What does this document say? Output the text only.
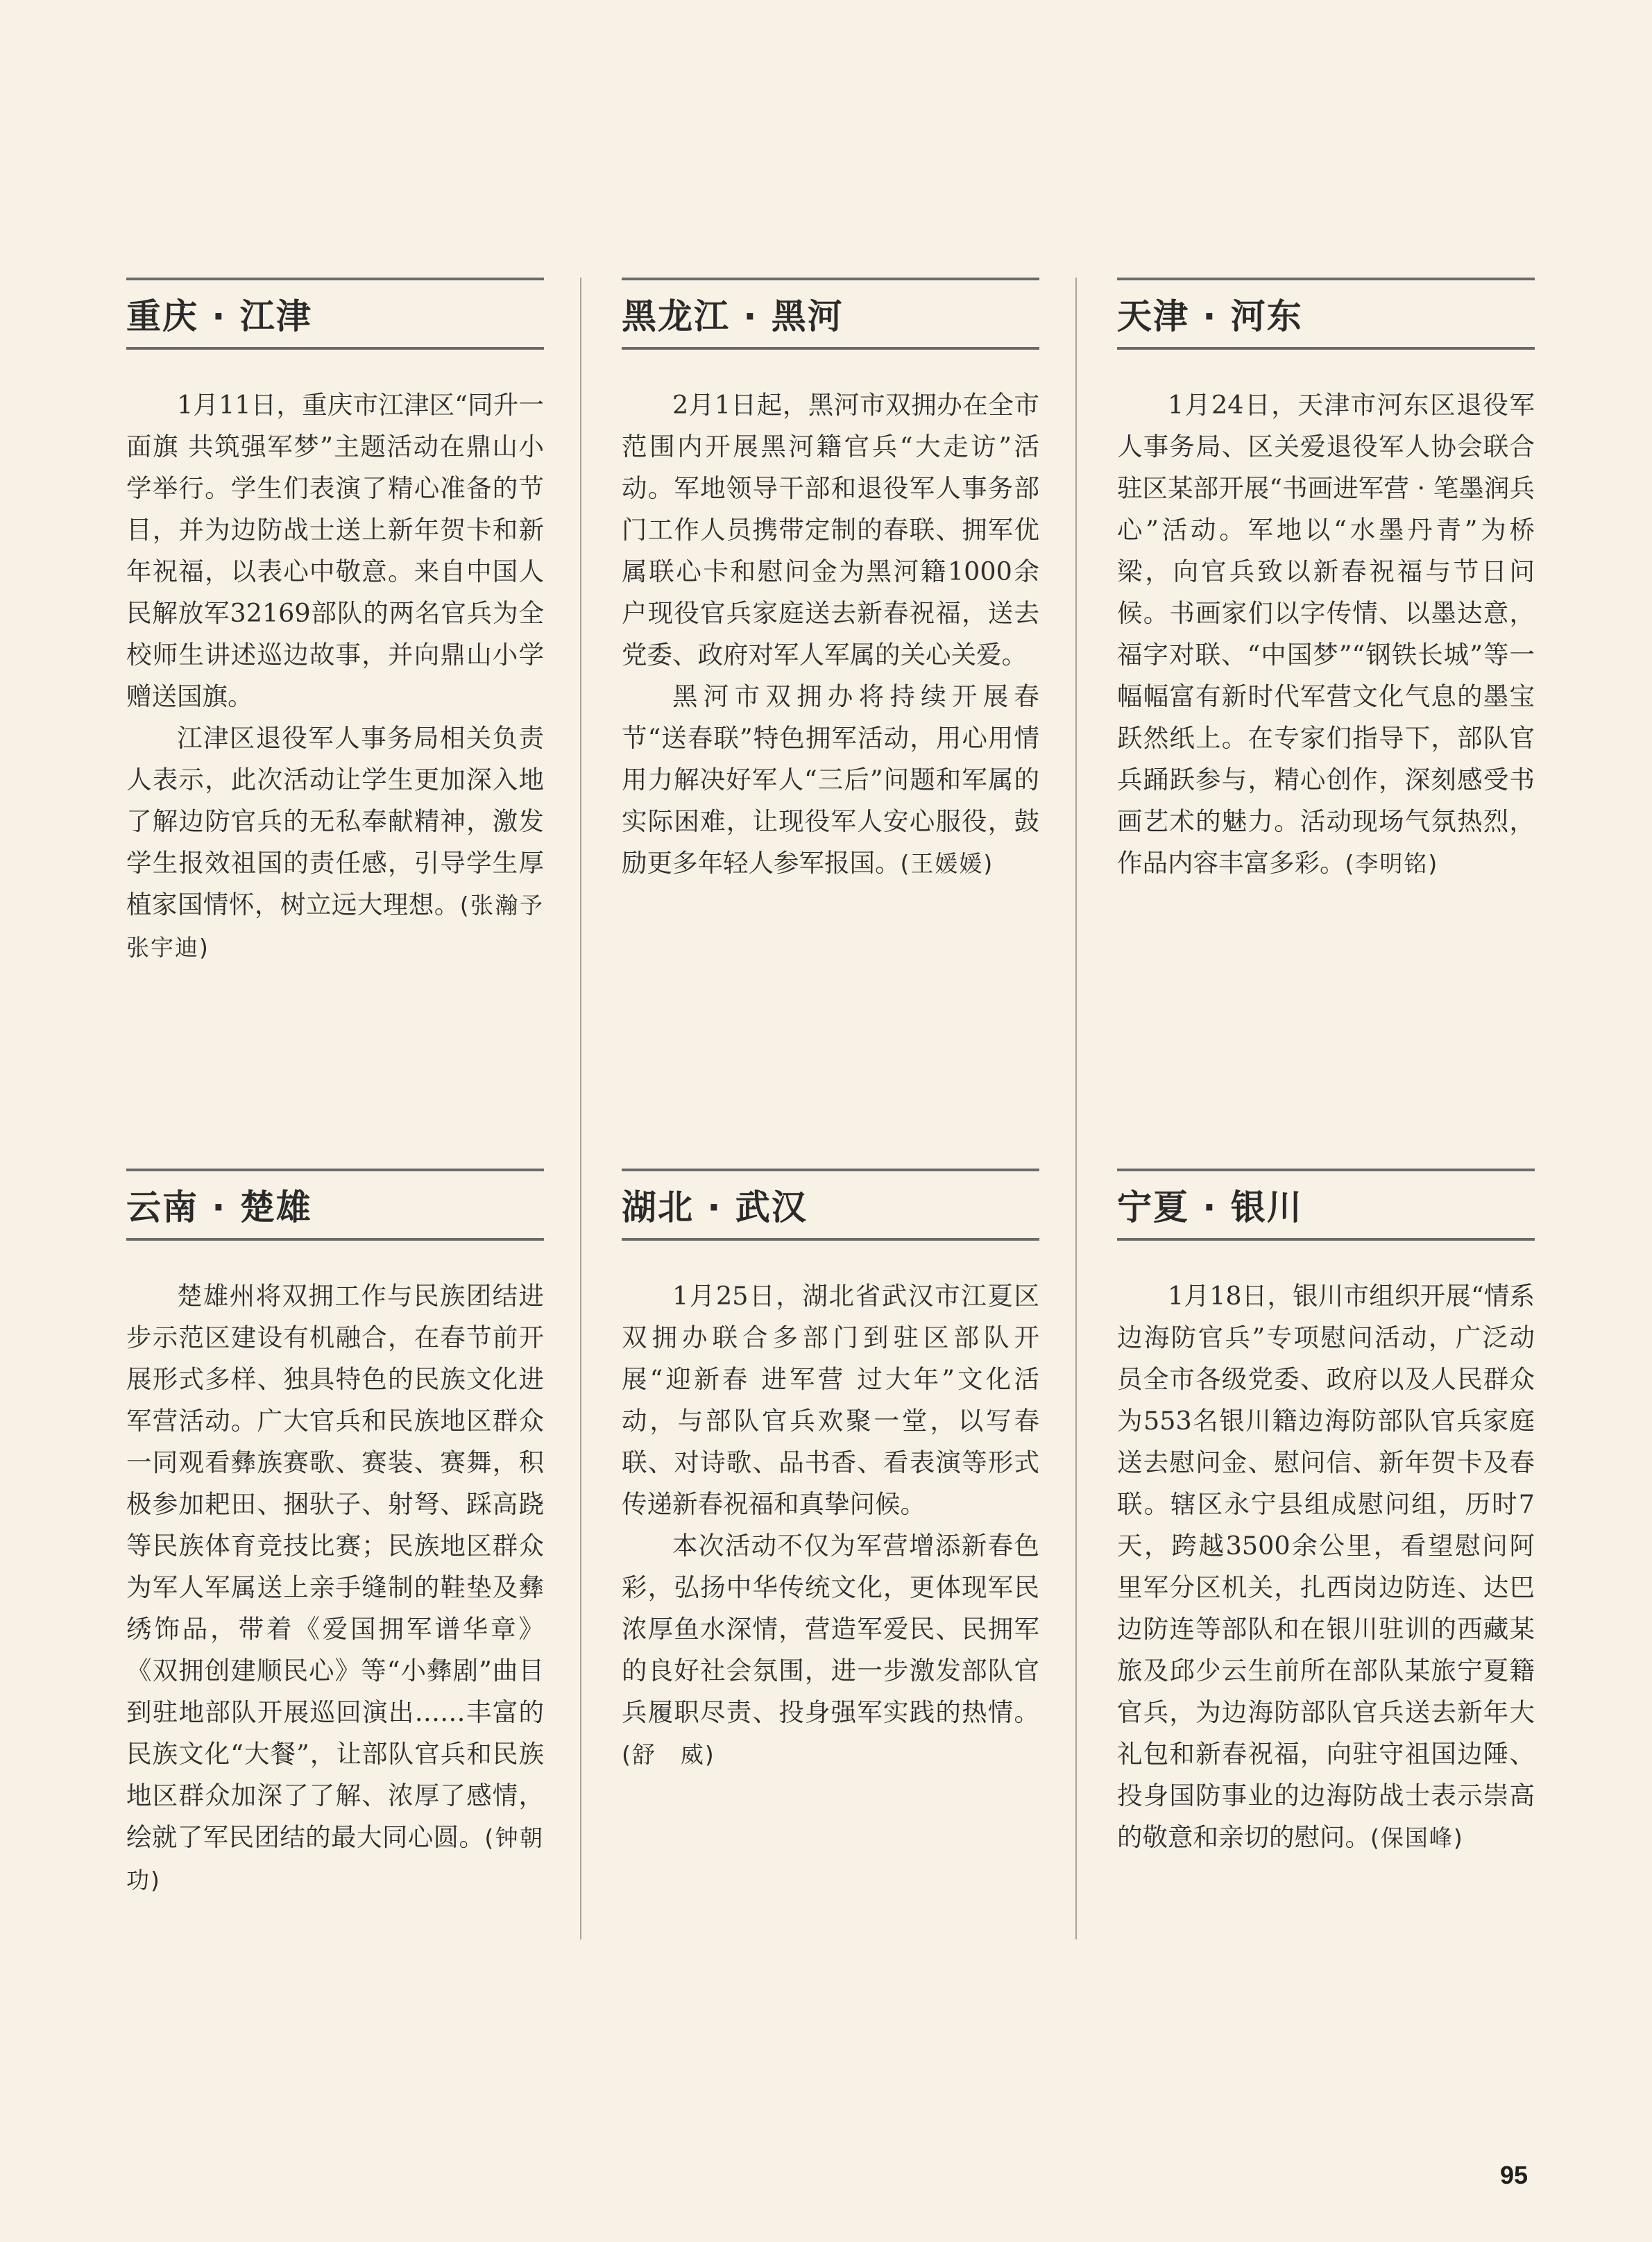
重庆 · 江津

1月11日，重庆市江津区“同升一面旗 共筑强军梦”主题活动在鼎山小学举行。学生们表演了精心准备的节目，并为边防战士送上新年贺卡和新年祝福，以表心中敬意。来自中国人民解放军32169部队的两名官兵为全校师生讲述巡边故事，并向鼎山小学赠送国旗。

江津区退役军人事务局相关负责人表示，此次活动让学生更加深入地了解边防官兵的无私奉献精神，激发学生报效祖国的责任感，引导学生厚植家国情怀，树立远大理想。(张瀚予　张宇迪)

黑龙江 · 黑河

2月1日起，黑河市双拥办在全市范围内开展黑河籍官兵“大走访”活动。军地领导干部和退役军人事务部门工作人员携带定制的春联、拥军优属联心卡和慰问金为黑河籍1000余户现役官兵家庭送去新春祝福，送去党委、政府对军人军属的关心关爱。

黑河市双拥办将持续开展春节“送春联”特色拥军活动，用心用情用力解决好军人“三后”问题和军属的实际困难，让现役军人安心服役，鼓励更多年轻人参军报国。(王媛媛)

天津 · 河东

1月24日，天津市河东区退役军人事务局、区关爱退役军人协会联合驻区某部开展“书画进军营 · 笔墨润兵心”活动。军地以“水墨丹青”为桥梁，向官兵致以新春祝福与节日问候。书画家们以字传情、以墨达意，福字对联、“中国梦”“钢铁长城”等一幅幅富有新时代军营文化气息的墨宝跃然纸上。在专家们指导下，部队官兵踊跃参与，精心创作，深刻感受书画艺术的魅力。活动现场气氛热烈，作品内容丰富多彩。(李明铭)

云南 · 楚雄

楚雄州将双拥工作与民族团结进步示范区建设有机融合，在春节前开展形式多样、独具特色的民族文化进军营活动。广大官兵和民族地区群众一同观看彝族赛歌、赛装、赛舞，积极参加耙田、捆驮子、射弩、踩高跷等民族体育竞技比赛；民族地区群众为军人军属送上亲手缝制的鞋垫及彝绣饰品，带着《爱国拥军谱华章》《双拥创建顺民心》等“小彝剧”曲目到驻地部队开展巡回演出……丰富的民族文化“大餐”，让部队官兵和民族地区群众加深了了解、浓厚了感情，绘就了军民团结的最大同心圆。(钟朝功)

湖北 · 武汉

1月25日，湖北省武汉市江夏区双拥办联合多部门到驻区部队开展“迎新春 进军营 过大年”文化活动，与部队官兵欢聚一堂，以写春联、对诗歌、品书香、看表演等形式传递新春祝福和真挚问候。

本次活动不仅为军营增添新春色彩，弘扬中华传统文化，更体现军民浓厚鱼水深情，营造军爱民、民拥军的良好社会氛围，进一步激发部队官兵履职尽责、投身强军实践的热情。(舒　威)

宁夏 · 银川

1月18日，银川市组织开展“情系边海防官兵”专项慰问活动，广泛动员全市各级党委、政府以及人民群众为553名银川籍边海防部队官兵家庭送去慰问金、慰问信、新年贺卡及春联。辖区永宁县组成慰问组，历时7天，跨越3500余公里，看望慰问阿里军分区机关，扎西岗边防连、达巴边防连等部队和在银川驻训的西藏某旅及邱少云生前所在部队某旅宁夏籍官兵，为边海防部队官兵送去新年大礼包和新春祝福，向驻守祖国边陲、投身国防事业的边海防战士表示崇高的敬意和亲切的慰问。(保国峰)

95
